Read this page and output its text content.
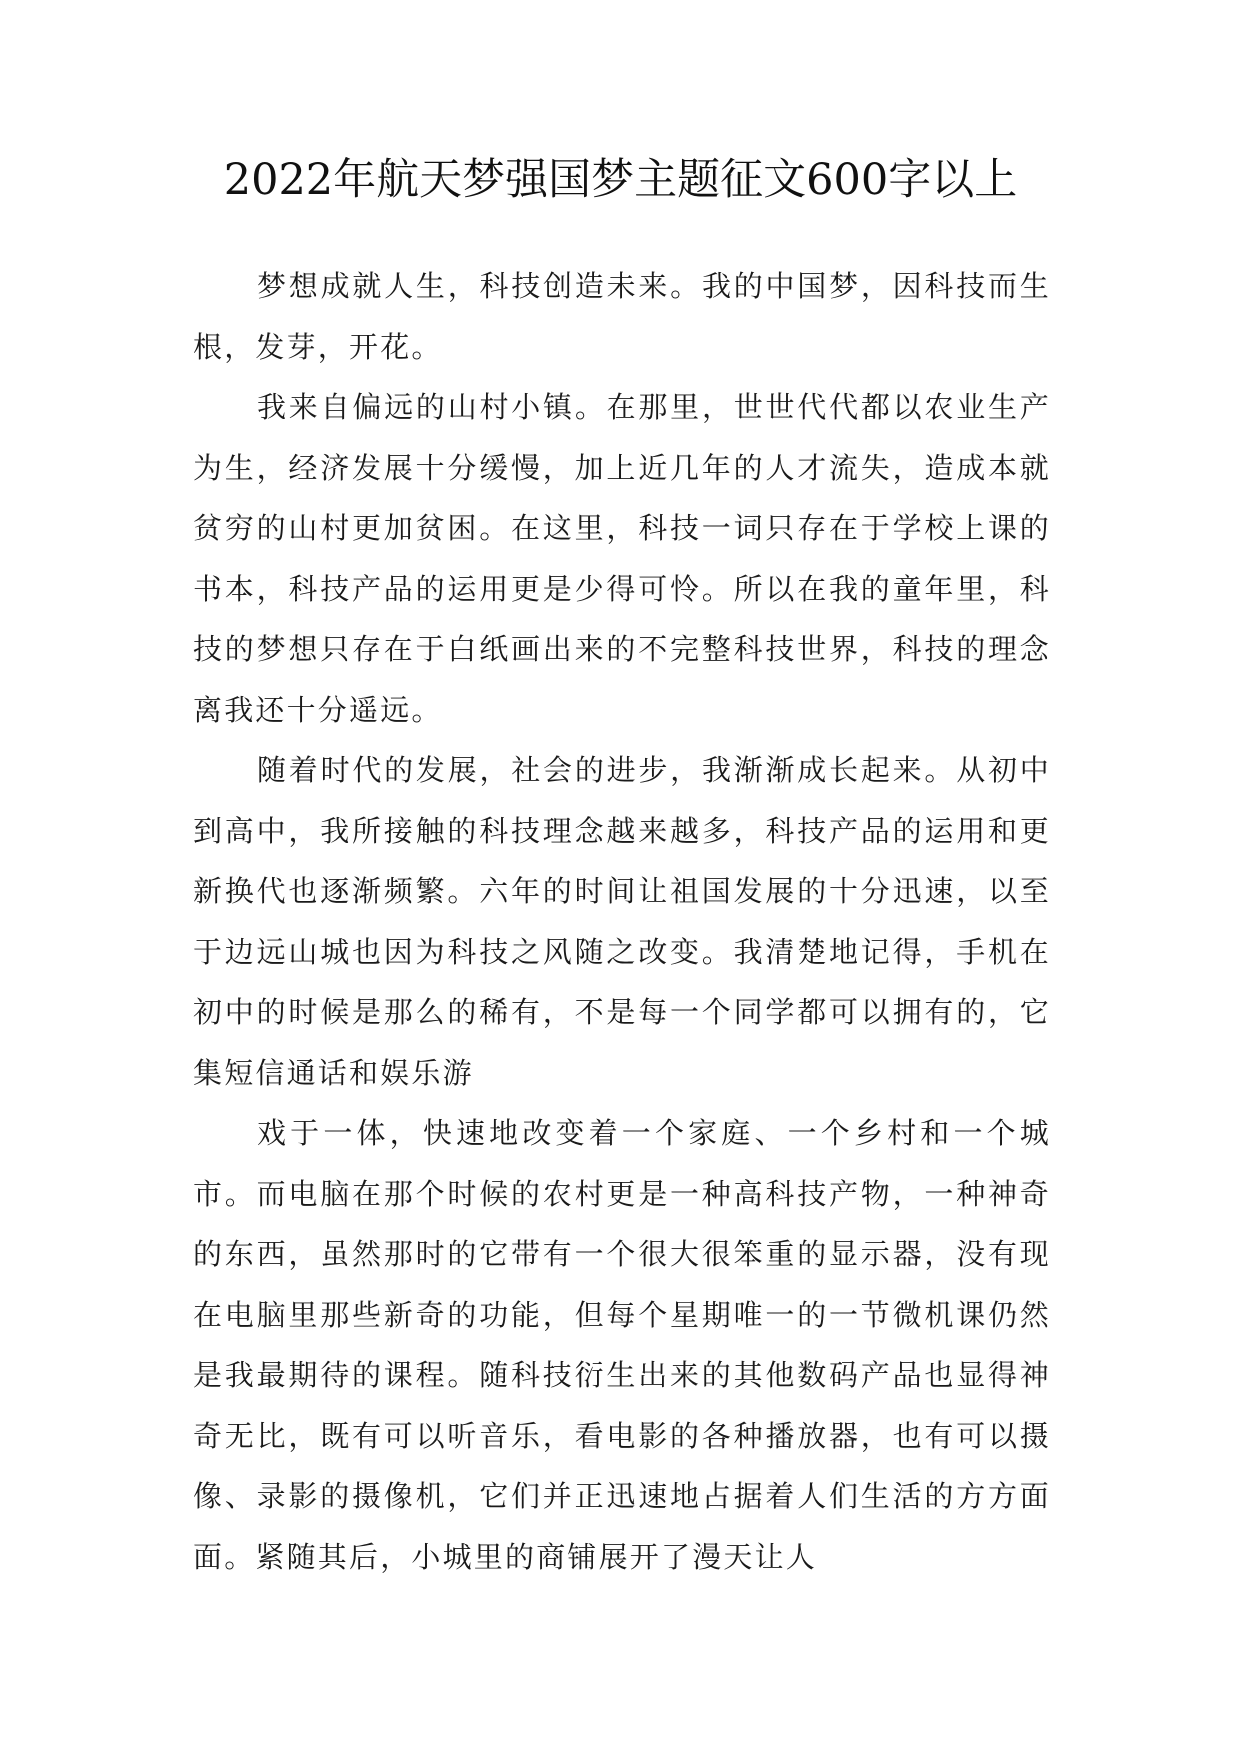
2022年航天梦强国梦主题征文600字以上

梦想成就人生，科技创造未来。我的中国梦，因科技而生根，发芽，开花。

我来自偏远的山村小镇。在那里，世世代代都以农业生产为生，经济发展十分缓慢，加上近几年的人才流失，造成本就贫穷的山村更加贫困。在这里，科技一词只存在于学校上课的书本，科技产品的运用更是少得可怜。所以在我的童年里，科技的梦想只存在于白纸画出来的不完整科技世界，科技的理念离我还十分遥远。

随着时代的发展，社会的进步，我渐渐成长起来。从初中到高中，我所接触的科技理念越来越多，科技产品的运用和更新换代也逐渐频繁。六年的时间让祖国发展的十分迅速，以至于边远山城也因为科技之风随之改变。我清楚地记得，手机在初中的时候是那么的稀有，不是每一个同学都可以拥有的，它集短信通话和娱乐游

戏于一体，快速地改变着一个家庭、一个乡村和一个城市。而电脑在那个时候的农村更是一种高科技产物，一种神奇的东西，虽然那时的它带有一个很大很笨重的显示器，没有现在电脑里那些新奇的功能，但每个星期唯一的一节微机课仍然是我最期待的课程。随科技衍生出来的其他数码产品也显得神奇无比，既有可以听音乐，看电影的各种播放器，也有可以摄像、录影的摄像机，它们并正迅速地占据着人们生活的方方面面。紧随其后，小城里的商铺展开了漫天让人
